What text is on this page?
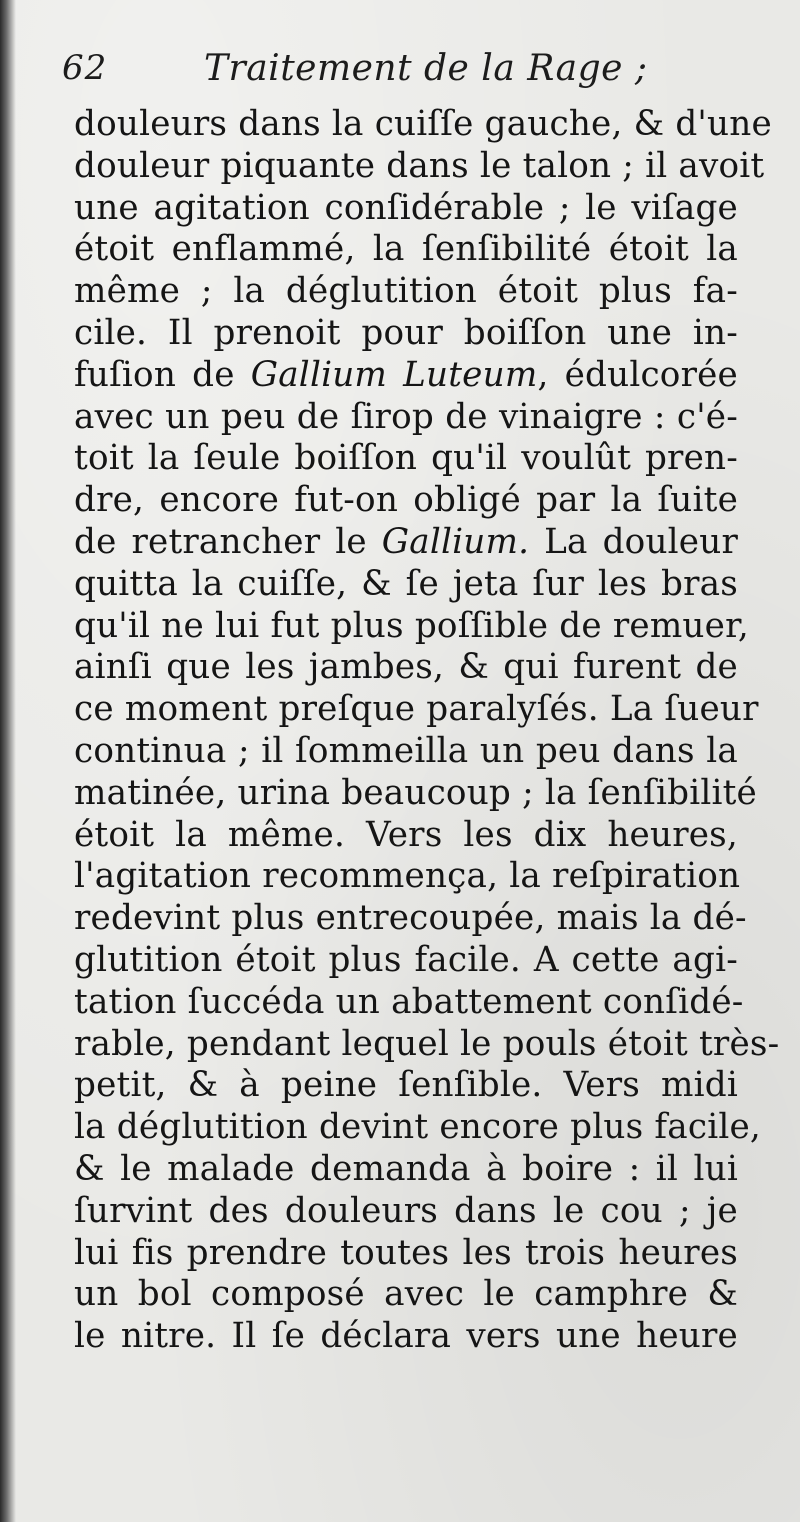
62	Traitement de la Rage ;
douleurs dans la cuiſſe gauche, & d'une
douleur piquante dans le talon ; il avoit
une agitation conſidérable ; le viſage
étoit enflammé, la ſenſibilité étoit la
même ; la déglutition étoit plus fa-
cile. Il prenoit pour boiſſon une in-
fuſion de Gallium Luteum, édulcorée
avec un peu de ſirop de vinaigre : c'é-
toit la ſeule boiſſon qu'il voulût pren-
dre, encore fut-on obligé par la ſuite
de retrancher le Gallium. La douleur
quitta la cuiſſe, & ſe jeta ſur les bras
qu'il ne lui fut plus poſſible de remuer,
ainſi que les jambes, & qui furent de
ce moment preſque paralyſés. La ſueur
continua ; il ſommeilla un peu dans la
matinée, urina beaucoup ; la ſenſibilité
étoit la même. Vers les dix heures,
l'agitation recommença, la reſpiration
redevint plus entrecoupée, mais la dé-
glutition étoit plus facile. A cette agi-
tation ſuccéda un abattement conſidé-
rable, pendant lequel le pouls étoit très-
petit, & à peine ſenſible. Vers midi
la déglutition devint encore plus facile,
& le malade demanda à boire : il lui
ſurvint des douleurs dans le cou ; je
lui fis prendre toutes les trois heures
un bol composé avec le camphre &
le nitre. Il ſe déclara vers une heure
